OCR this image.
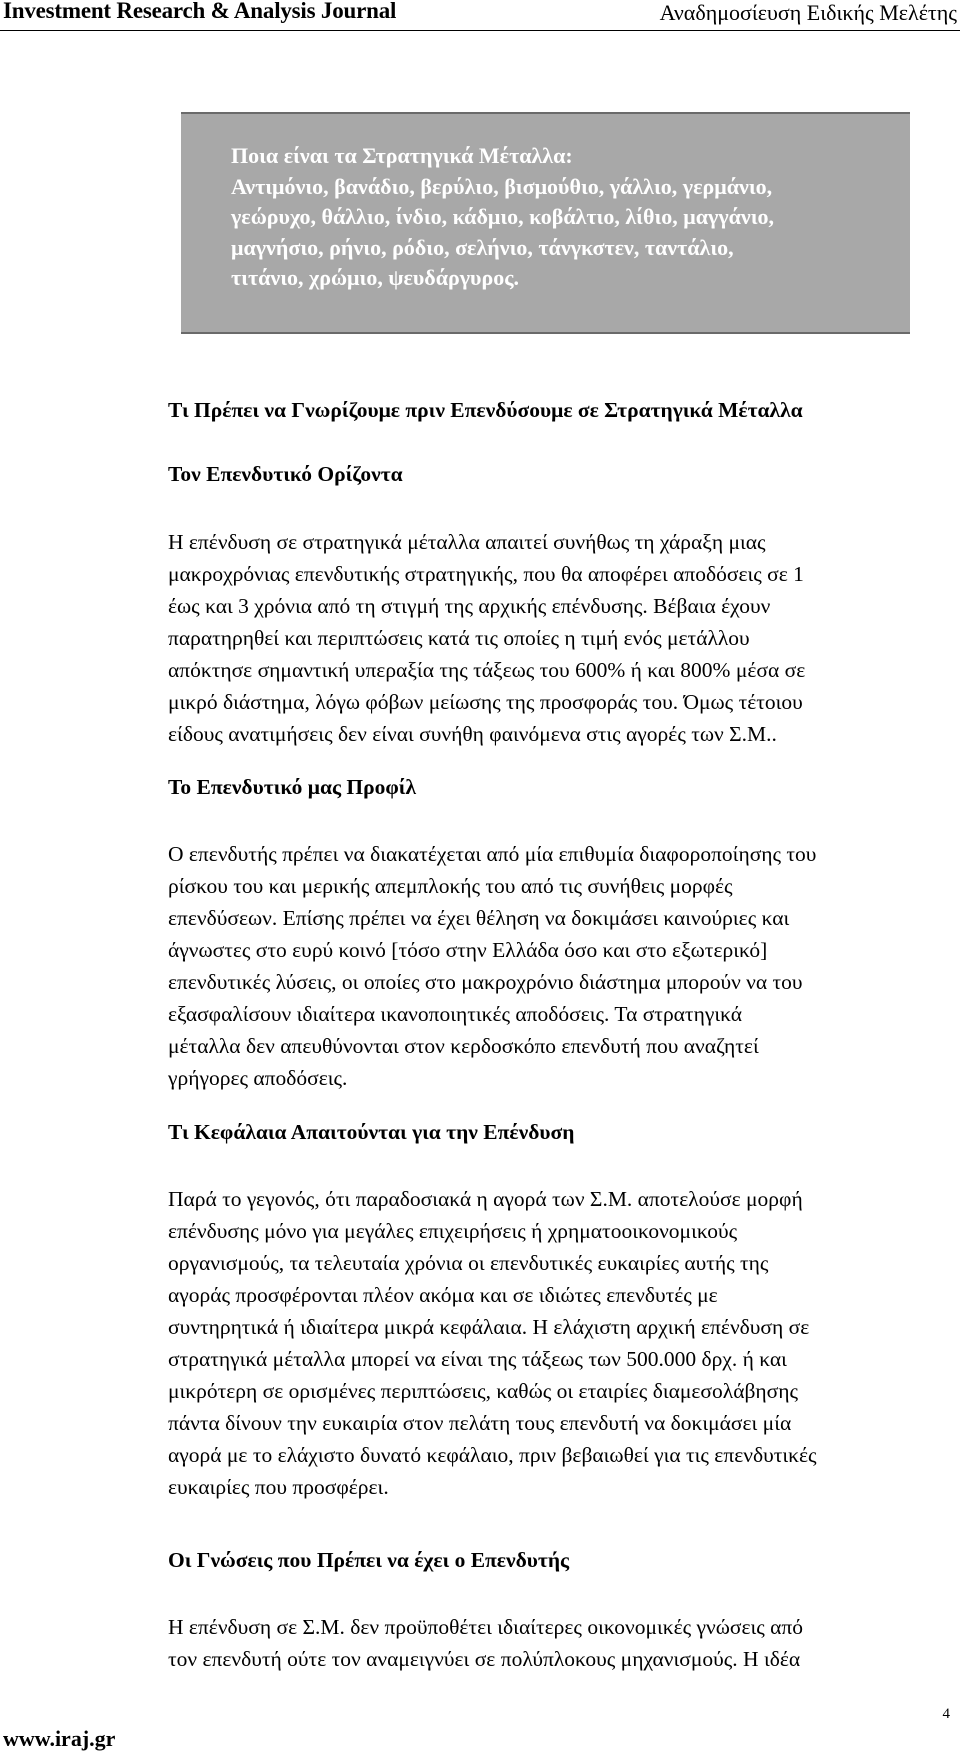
Investment Research & Analysis Journal	Αναδημοσίευση Ειδικής Μελέτης
Ποια είναι τα Στρατηγικά Μέταλλα:
Αντιμόνιο, βανάδιο, βερύλιο, βισμούθιο, γάλλιο, γερμάνιο,
γεώρυχο, θάλλιο, ίνδιο, κάδμιο, κοβάλτιο, λίθιο, μαγγάνιο,
μαγνήσιο, ρήνιο, ρόδιο, σελήνιο, τάνγκστεν, ταντάλιο,
τιτάνιο, χρώμιο, ψευδάργυρος.
Τι Πρέπει να Γνωρίζουμε πριν Επενδύσουμε σε Στρατηγικά Μέταλλα
Τον Επενδυτικό Ορίζοντα
Η επένδυση σε στρατηγικά μέταλλα απαιτεί συνήθως τη χάραξη μιας
μακροχρόνιας επενδυτικής στρατηγικής, που θα αποφέρει αποδόσεις σε 1
έως και 3 χρόνια από τη στιγμή της αρχικής επένδυσης. Βέβαια έχουν
παρατηρηθεί και περιπτώσεις κατά τις οποίες η τιμή ενός μετάλλου
απόκτησε σημαντική υπεραξία της τάξεως του 600% ή και 800% μέσα σε
μικρό διάστημα, λόγω φόβων μείωσης της προσφοράς του. Όμως τέτοιου
είδους ανατιμήσεις δεν είναι συνήθη φαινόμενα στις αγορές των Σ.Μ..
Το Επενδυτικό μας Προφίλ
Ο επενδυτής πρέπει να διακατέχεται από μία επιθυμία διαφοροποίησης του
ρίσκου του και μερικής απεμπλοκής του από τις συνήθεις μορφές
επενδύσεων. Επίσης πρέπει να έχει θέληση να δοκιμάσει καινούριες και
άγνωστες στο ευρύ κοινό [τόσο στην Ελλάδα όσο και στο εξωτερικό]
επενδυτικές λύσεις, οι οποίες στο μακροχρόνιο διάστημα μπορούν να του
εξασφαλίσουν ιδιαίτερα ικανοποιητικές αποδόσεις. Τα στρατηγικά
μέταλλα δεν απευθύνονται στον κερδοσκόπο επενδυτή που αναζητεί
γρήγορες αποδόσεις.
Τι Κεφάλαια Απαιτούνται για την Επένδυση
Παρά το γεγονός, ότι παραδοσιακά η αγορά των Σ.Μ. αποτελούσε μορφή
επένδυσης μόνο για μεγάλες επιχειρήσεις ή χρηματοοικονομικούς
οργανισμούς, τα τελευταία χρόνια οι επενδυτικές ευκαιρίες αυτής της
αγοράς προσφέρονται πλέον ακόμα και σε ιδιώτες επενδυτές με
συντηρητικά ή ιδιαίτερα μικρά κεφάλαια. Η ελάχιστη αρχική επένδυση σε
στρατηγικά μέταλλα μπορεί να είναι της τάξεως των 500.000 δρχ. ή και
μικρότερη σε ορισμένες περιπτώσεις, καθώς οι εταιρίες διαμεσολάβησης
πάντα δίνουν την ευκαιρία στον πελάτη τους επενδυτή να δοκιμάσει μία
αγορά με το ελάχιστο δυνατό κεφάλαιο, πριν βεβαιωθεί για τις επενδυτικές
ευκαιρίες που προσφέρει.
Οι Γνώσεις που Πρέπει να έχει ο Επενδυτής
Η επένδυση σε Σ.Μ. δεν προϋποθέτει ιδιαίτερες οικονομικές γνώσεις από
τον επενδυτή ούτε τον αναμειγνύει σε πολύπλοκους μηχανισμούς. Η ιδέα
4
www.iraj.gr
